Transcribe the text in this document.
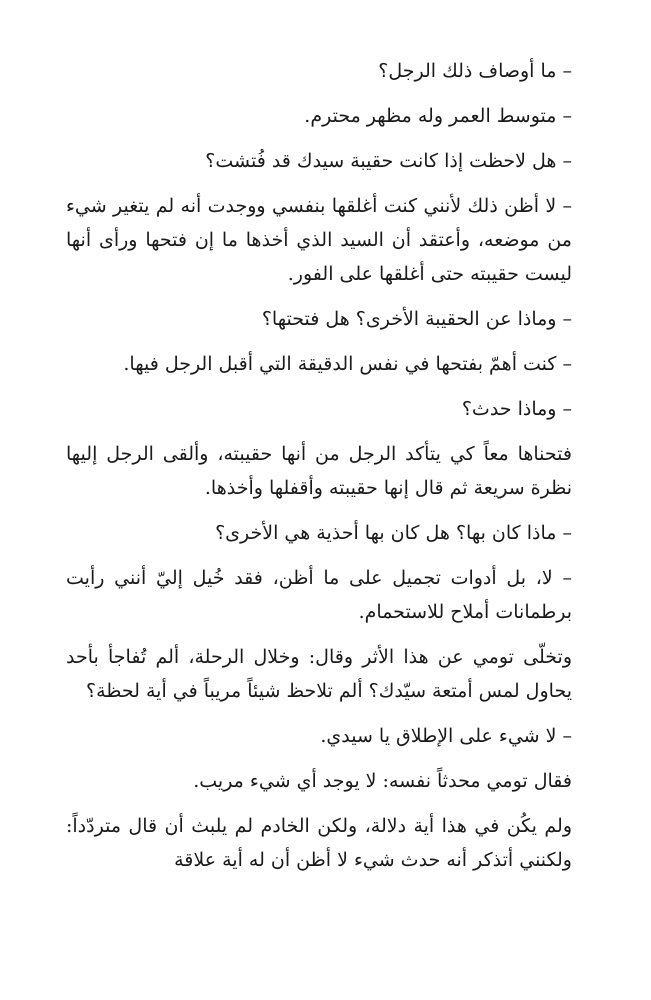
– ما أوصاف ذلك الرجل؟

– متوسط العمر وله مظهر محترم.

– هل لاحظت إذا كانت حقيبة سيدك قد فُتشت؟

– لا أظن ذلك لأنني كنت أغلقها بنفسي ووجدت أنه لم يتغير شيء من موضعه، وأعتقد أن السيد الذي أخذها ما إن فتحها ورأى أنها ليست حقيبته حتى أغلقها على الفور.

– وماذا عن الحقيبة الأخرى؟ هل فتحتها؟

– كنت أهمّ بفتحها في نفس الدقيقة التي أقبل الرجل فيها.

– وماذا حدث؟

فتحناها معاً كي يتأكد الرجل من أنها حقيبته، وألقى الرجل إليها نظرة سريعة ثم قال إنها حقيبته وأقفلها وأخذها.

– ماذا كان بها؟ هل كان بها أحذية هي الأخرى؟

– لا، بل أدوات تجميل على ما أظن، فقد خُيل إليّ أنني رأيت برطمانات أملاح للاستحمام.

وتخلّى تومي عن هذا الأثر وقال: وخلال الرحلة، ألم تُفاجأ بأحد يحاول لمس أمتعة سيّدك؟ ألم تلاحظ شيئاً مريباً في أية لحظة؟

– لا شيء على الإطلاق يا سيدي.

فقال تومي محدثاً نفسه: لا يوجد أي شيء مريب.

ولم يكُن في هذا أية دلالة، ولكن الخادم لم يلبث أن قال متردّداً: ولكنني أتذكر أنه حدث شيء لا أظن أن له أية علاقة
